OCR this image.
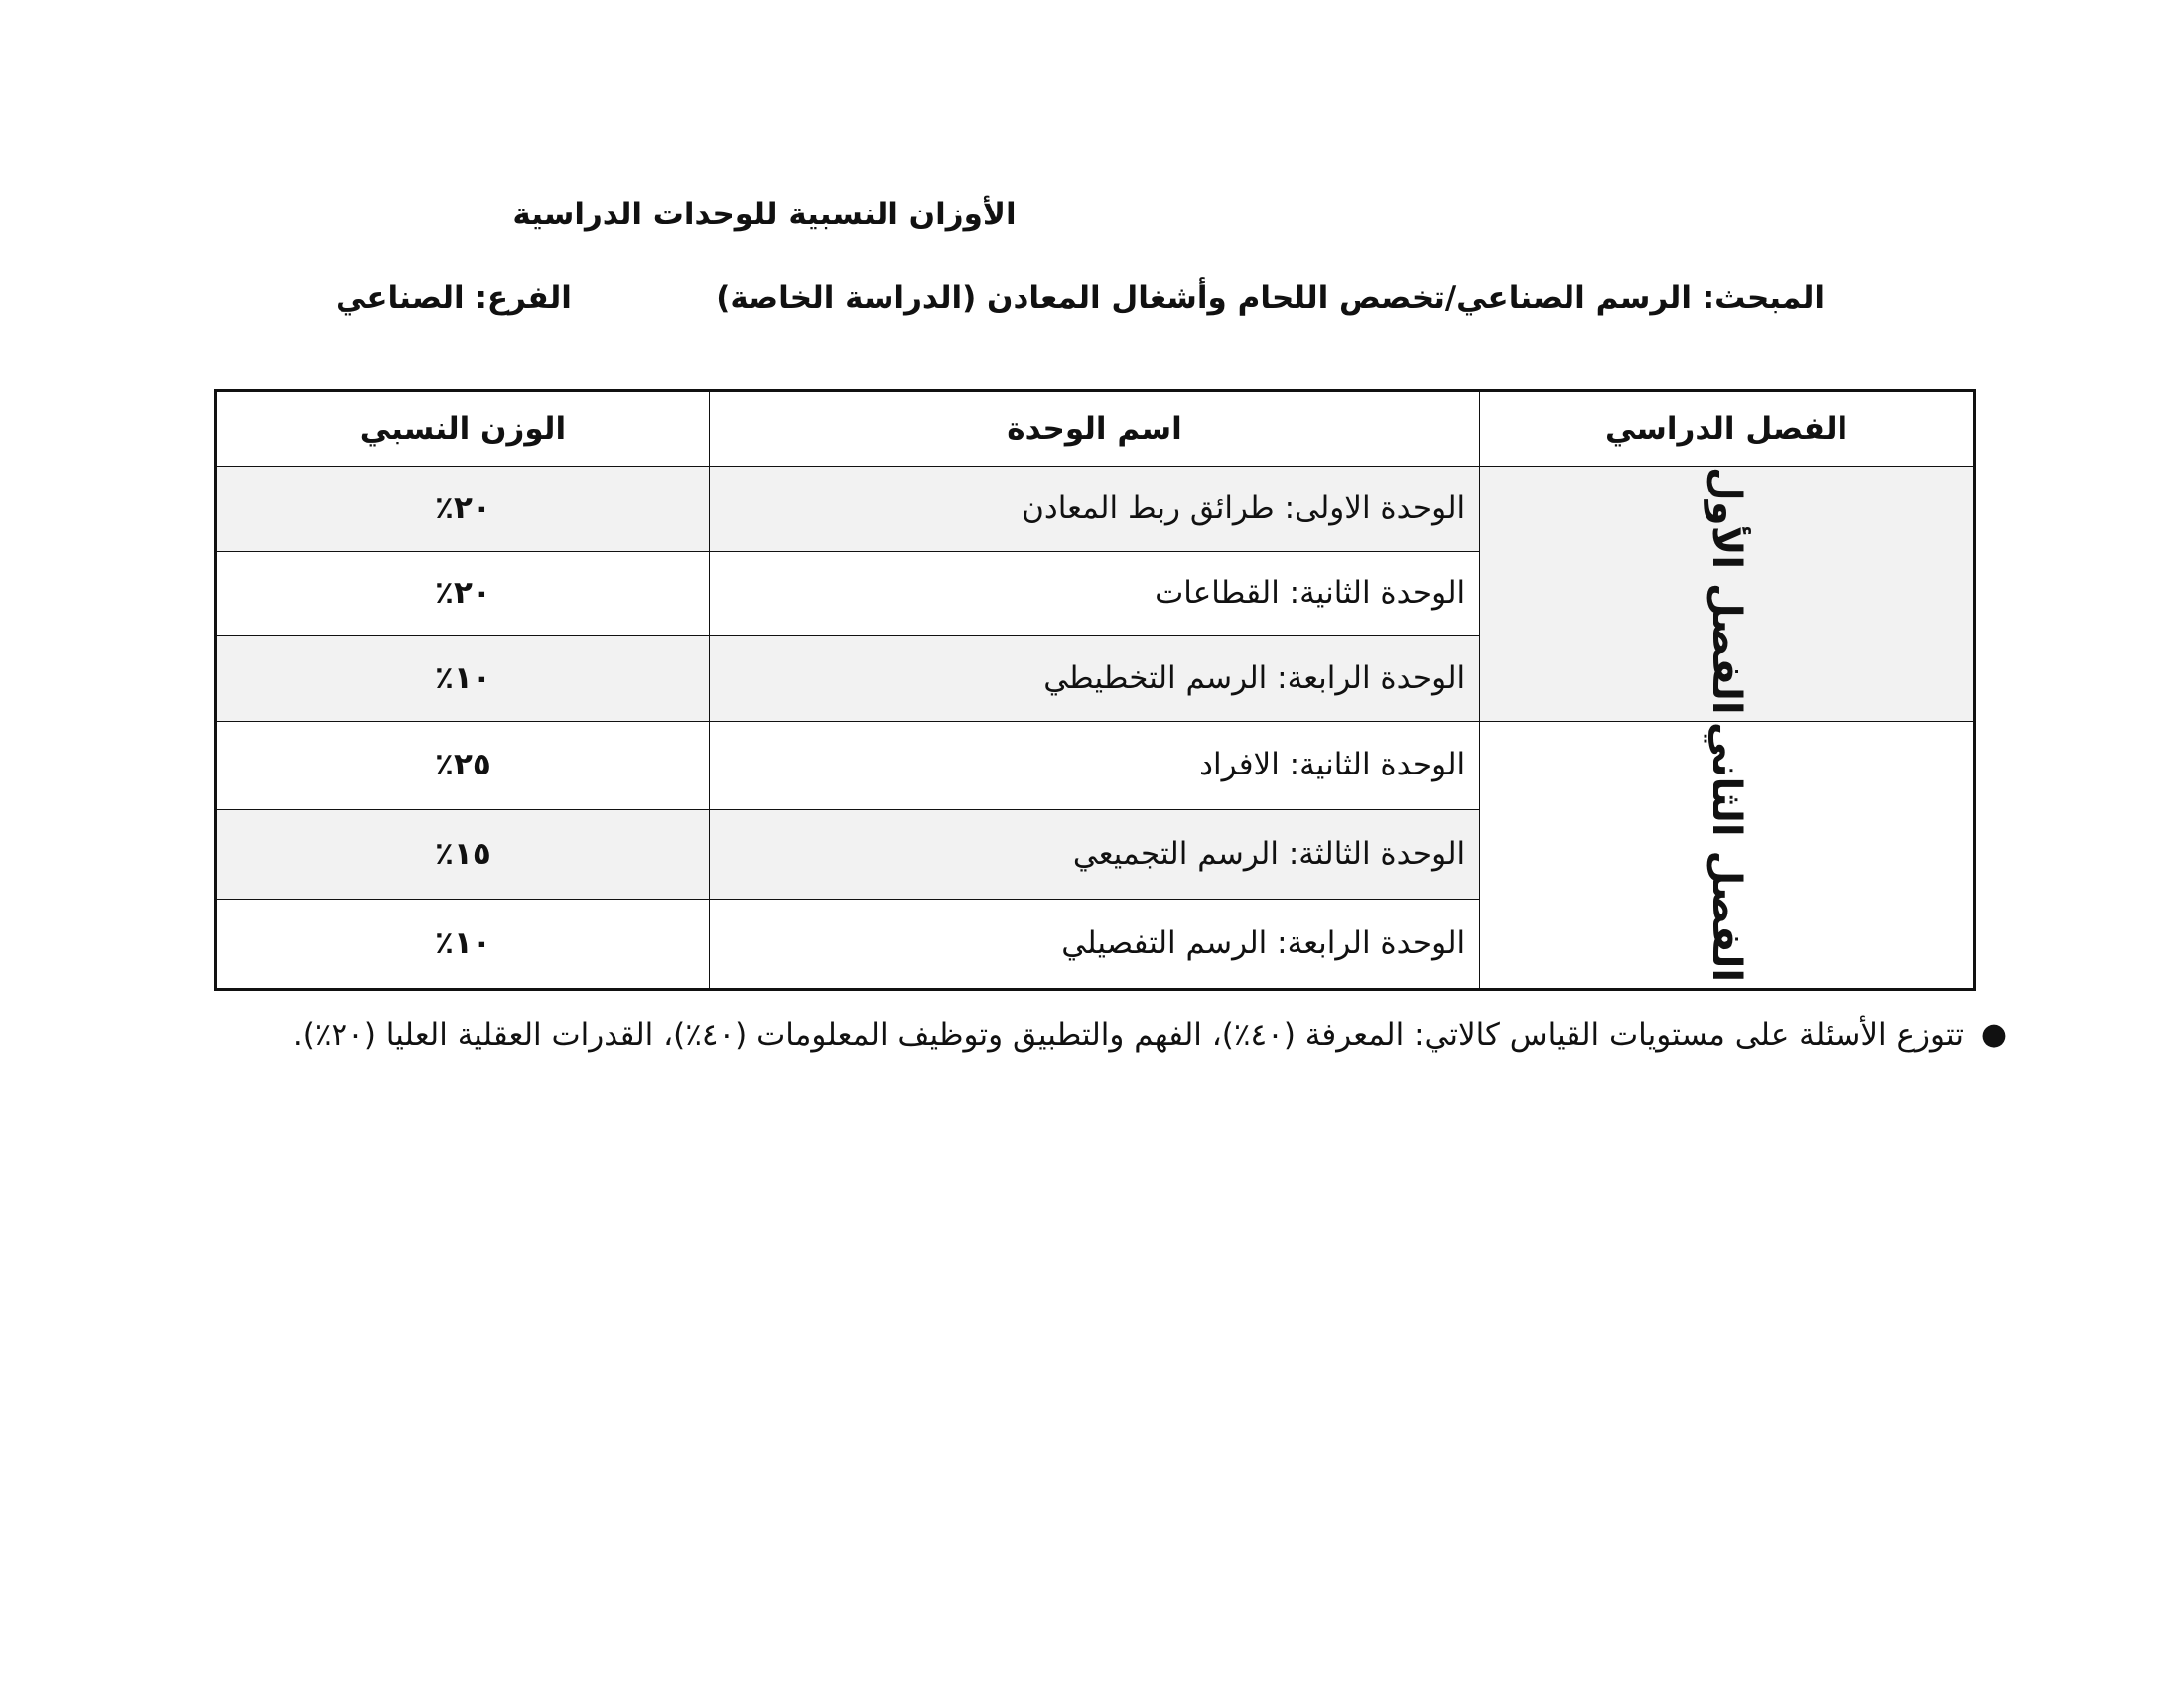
الأوزان النسبية للوحدات الدراسية

المبحث: الرسم الصناعي/تخصص اللحام وأشغال المعادن (الدراسة الخاصة)

الفرع: الصناعي

الفصل الدراسي	اسم الوحدة	الوزن النسبي
الفصل الأول	الوحدة الاولى: طرائق ربط المعادن	٢٠٪
	الوحدة الثانية: القطاعات	٢٠٪
	الوحدة الرابعة: الرسم التخطيطي	١٠٪
الفصل الثاني	الوحدة الثانية: الافراد	٢٥٪
	الوحدة الثالثة: الرسم التجميعي	١٥٪
	الوحدة الرابعة: الرسم التفصيلي	١٠٪
●
تتوزع الأسئلة على مستويات القياس كالاتي: المعرفة (٤٠٪)، الفهم والتطبيق وتوظيف المعلومات (٤٠٪)، القدرات العقلية العليا (٢٠٪).
